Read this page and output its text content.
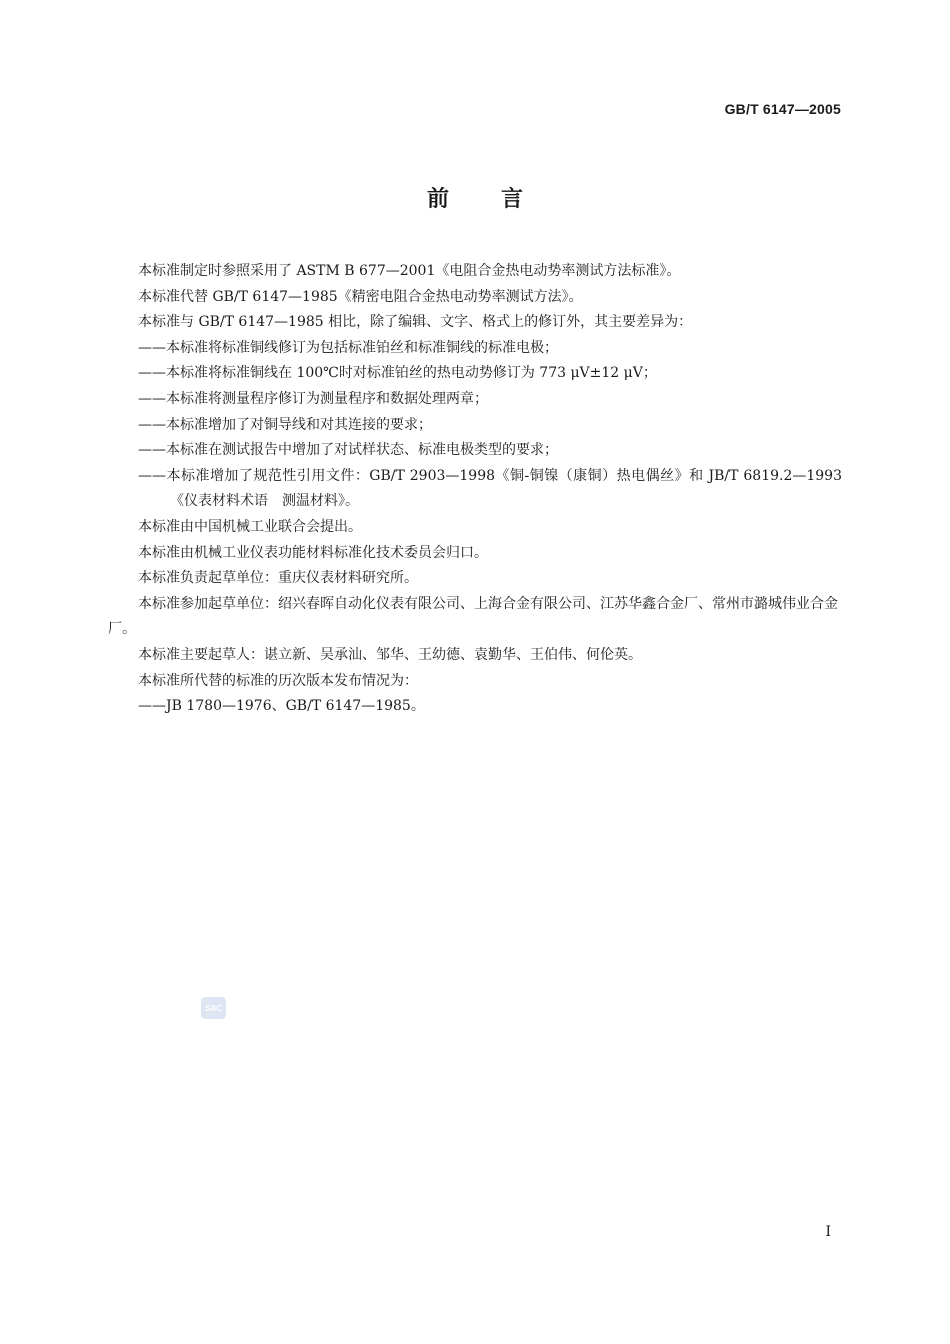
GB/T 6147—2005
前言

本标准制定时参照采用了 ASTM B 677—2001《电阻合金热电动势率测试方法标准》。

本标准代替 GB/T 6147—1985《精密电阻合金热电动势率测试方法》。

本标准与 GB/T 6147—1985 相比，除了编辑、文字、格式上的修订外，其主要差异为：

——本标准将标准铜线修订为包括标准铂丝和标准铜线的标准电极；

——本标准将标准铜线在 100℃时对标准铂丝的热电动势修订为 773 μV±12 μV；

——本标准将测量程序修订为测量程序和数据处理两章；

——本标准增加了对铜导线和对其连接的要求；

——本标准在测试报告中增加了对试样状态、标准电极类型的要求；

——本标准增加了规范性引用文件：GB/T 2903—1998《铜-铜镍（康铜）热电偶丝》和 JB/T 6819.2—1993《仪表材料术语　测温材料》。

本标准由中国机械工业联合会提出。

本标准由机械工业仪表功能材料标准化技术委员会归口。

本标准负责起草单位：重庆仪表材料研究所。

本标准参加起草单位：绍兴春晖自动化仪表有限公司、上海合金有限公司、江苏华鑫合金厂、常州市潞城伟业合金厂。

本标准主要起草人：谌立新、吴承汕、邹华、王幼德、袁勤华、王伯伟、何伦英。

本标准所代替的标准的历次版本发布情况为：

——JB 1780—1976、GB/T 6147—1985。

SAC
I
